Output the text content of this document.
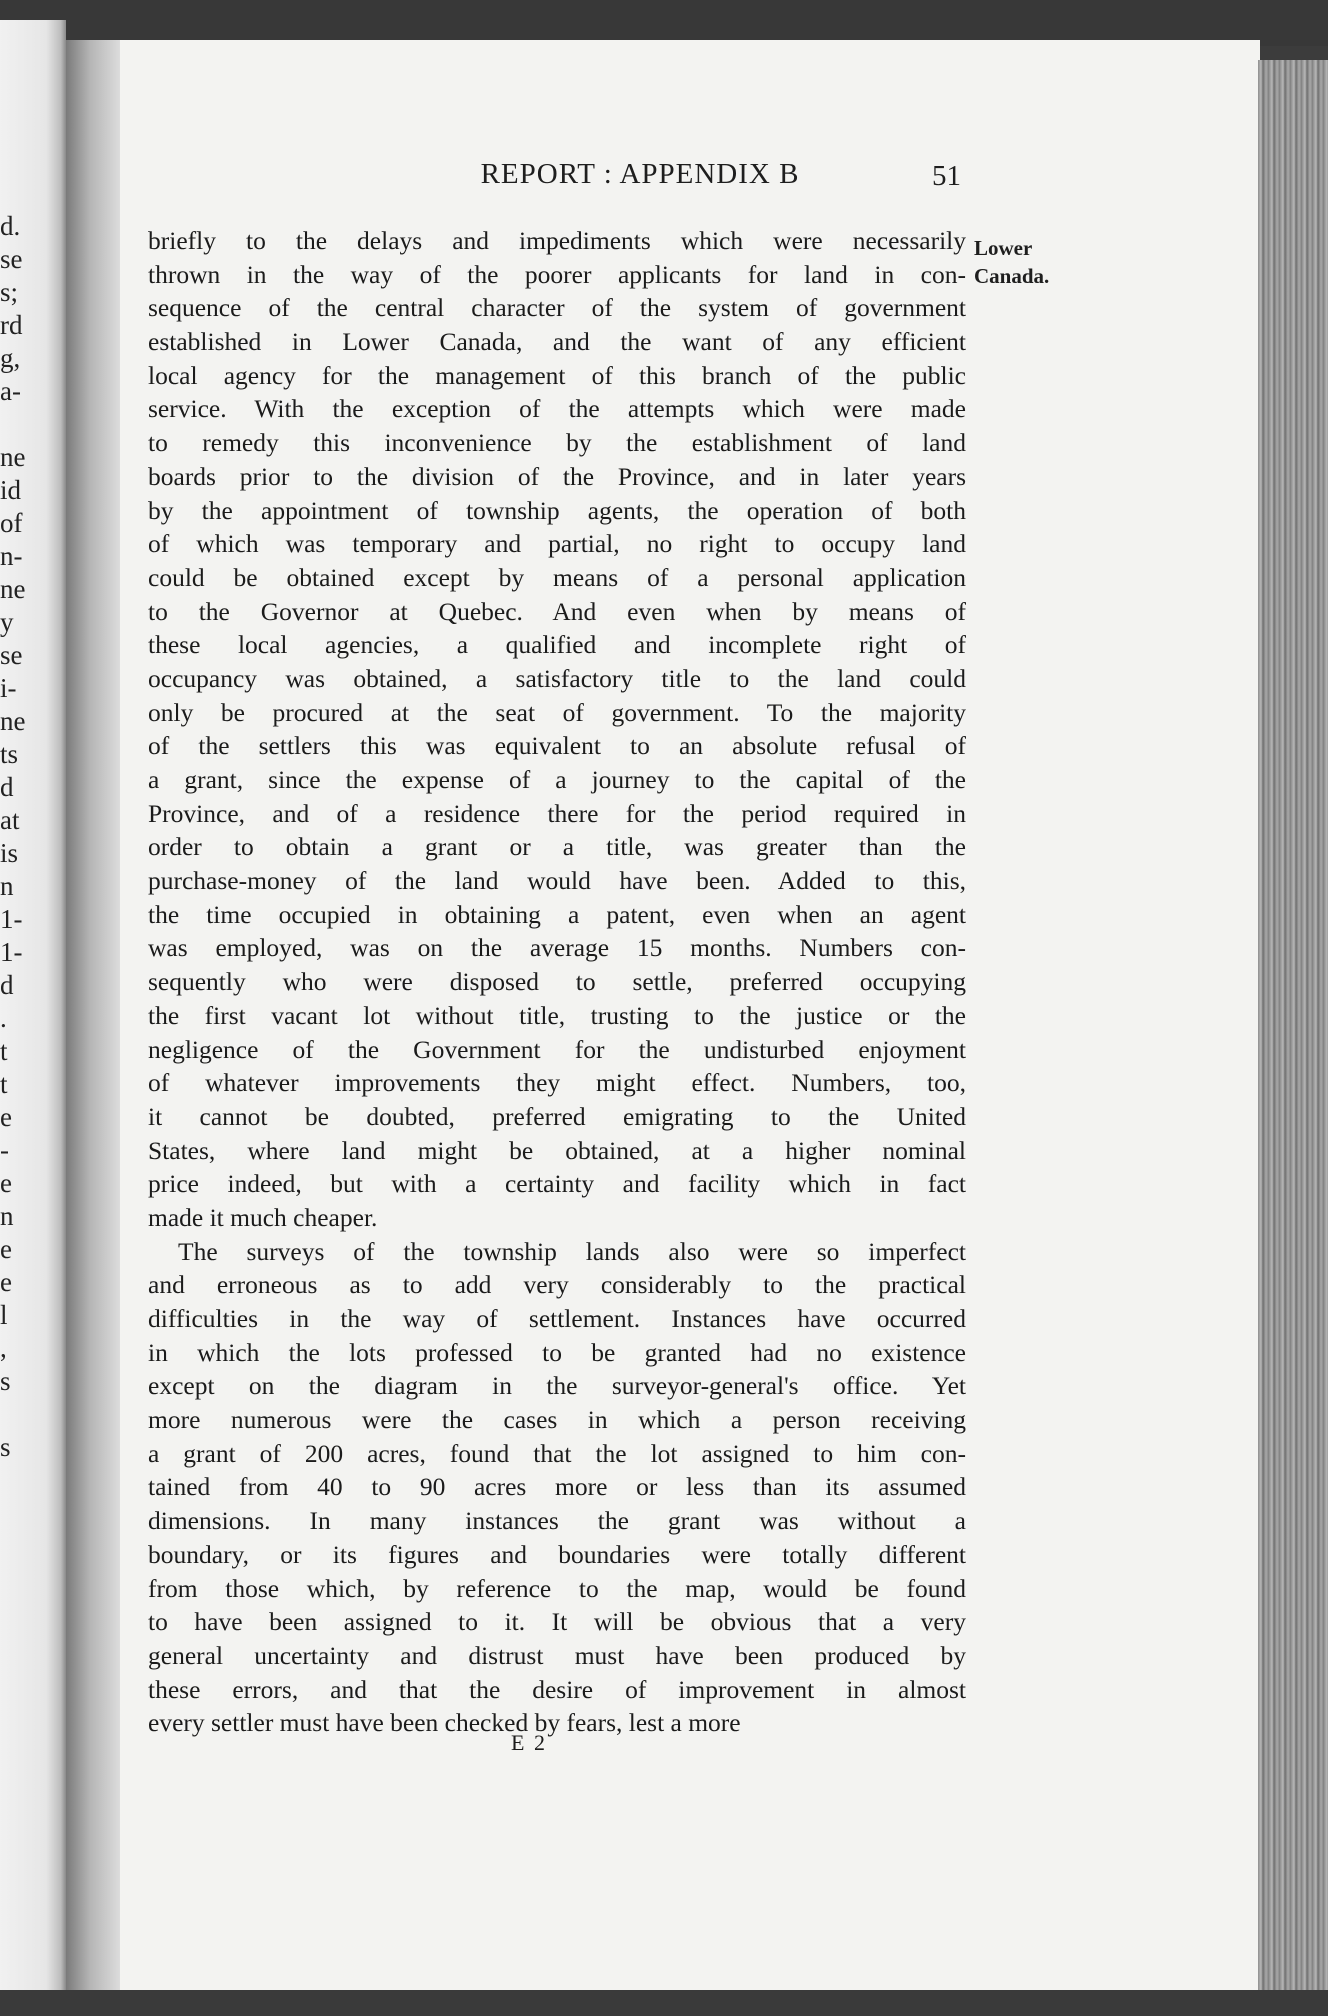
d.
se
s;
rd
g,
a-
ne
id
of
n-
ne
y
se
i-
ne
ts
d
at
is
n
1-
1-
d
.
t
t
e
-
e
n
e
e
l
,
s
s
REPORT : APPENDIX B	51
Lower
Canada.
briefly to the delays and impediments which were necessarily
thrown in the way of the poorer applicants for land in con-
sequence of the central character of the system of government
established in Lower Canada, and the want of any efficient
local agency for the management of this branch of the public
service. With the exception of the attempts which were made
to remedy this inconvenience by the establishment of land
boards prior to the division of the Province, and in later years
by the appointment of township agents, the operation of both
of which was temporary and partial, no right to occupy land
could be obtained except by means of a personal application
to the Governor at Quebec. And even when by means of
these local agencies, a qualified and incomplete right of
occupancy was obtained, a satisfactory title to the land could
only be procured at the seat of government. To the majority
of the settlers this was equivalent to an absolute refusal of
a grant, since the expense of a journey to the capital of the
Province, and of a residence there for the period required in
order to obtain a grant or a title, was greater than the
purchase-money of the land would have been. Added to this,
the time occupied in obtaining a patent, even when an agent
was employed, was on the average 15 months. Numbers con-
sequently who were disposed to settle, preferred occupying
the first vacant lot without title, trusting to the justice or the
negligence of the Government for the undisturbed enjoyment
of whatever improvements they might effect. Numbers, too,
it cannot be doubted, preferred emigrating to the United
States, where land might be obtained, at a higher nominal
price indeed, but with a certainty and facility which in fact
made it much cheaper.
The surveys of the township lands also were so imperfect
and erroneous as to add very considerably to the practical
difficulties in the way of settlement. Instances have occurred
in which the lots professed to be granted had no existence
except on the diagram in the surveyor-general's office. Yet
more numerous were the cases in which a person receiving
a grant of 200 acres, found that the lot assigned to him con-
tained from 40 to 90 acres more or less than its assumed
dimensions. In many instances the grant was without a
boundary, or its figures and boundaries were totally different
from those which, by reference to the map, would be found
to have been assigned to it. It will be obvious that a very
general uncertainty and distrust must have been produced by
these errors, and that the desire of improvement in almost
every settler must have been checked by fears, lest a more
E 2
